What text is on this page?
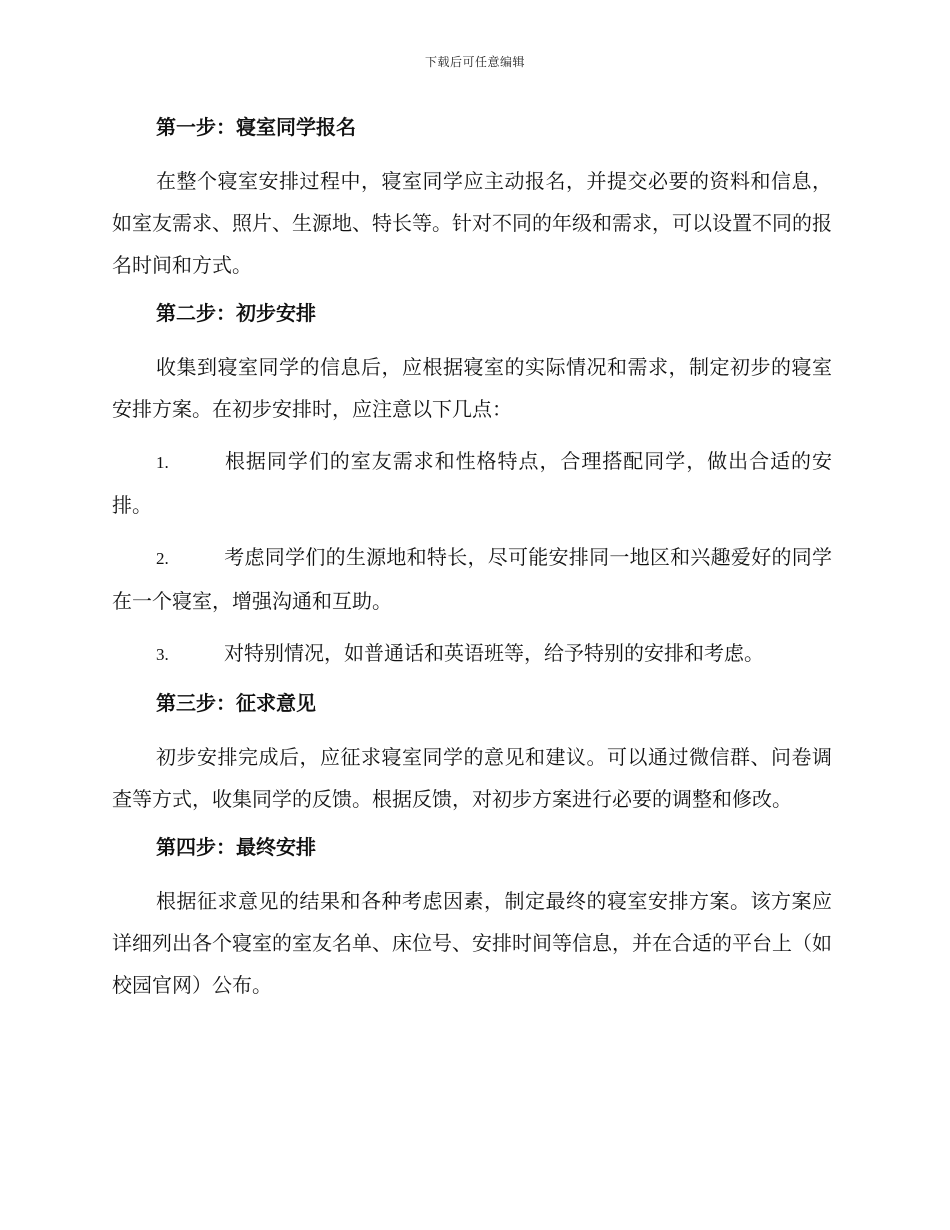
下载后可任意编辑
第一步：寝室同学报名
在整个寝室安排过程中，寝室同学应主动报名，并提交必要的资料和信息，如室友需求、照片、生源地、特长等。针对不同的年级和需求，可以设置不同的报名时间和方式。
第二步：初步安排
收集到寝室同学的信息后，应根据寝室的实际情况和需求，制定初步的寝室安排方案。在初步安排时，应注意以下几点：
1.	根据同学们的室友需求和性格特点，合理搭配同学，做出合适的安排。
2.	考虑同学们的生源地和特长，尽可能安排同一地区和兴趣爱好的同学在一个寝室，增强沟通和互助。
3.	对特别情况，如普通话和英语班等，给予特别的安排和考虑。
第三步：征求意见
初步安排完成后，应征求寝室同学的意见和建议。可以通过微信群、问卷调查等方式，收集同学的反馈。根据反馈，对初步方案进行必要的调整和修改。
第四步：最终安排
根据征求意见的结果和各种考虑因素，制定最终的寝室安排方案。该方案应详细列出各个寝室的室友名单、床位号、安排时间等信息，并在合适的平台上（如校园官网）公布。
